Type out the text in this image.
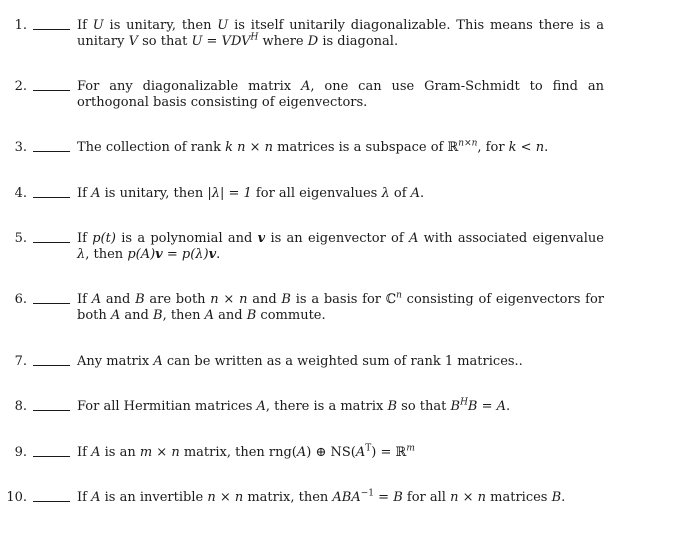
1.	If U is unitary, then U is itself unitarily diagonalizable. This means there is a unitary V so that $U = VDV^H$ where D is diagonal.
2.	For any diagonalizable matrix A, one can use Gram-Schmidt to find an orthogonal basis consisting of eigenvectors.
3.	The collection of rank k n × n matrices is a subspace of ℝ$^{n\times n}$, for k < n.
4.	If A is unitary, then |λ| = 1 for all eigenvalues λ of A.
5.	If p(t) is a polynomial and v is an eigenvector of A with associated eigenvalue λ, then p(A)v = p(λ)v.
6.	If A and B are both n × n and B is a basis for ℂ$^n$ consisting of eigenvectors for both A and B, then A and B commute.
7.	Any matrix A can be written as a weighted sum of rank 1 matrices..
8.	For all Hermitian matrices A, there is a matrix B so that $B^HB = A$.
9.	If A is an m × n matrix, then rng(A) ⊕ $NS(A^T)$ = ℝ$^m$
10.	If A is an invertible n × n matrix, then $ABA^{-1} = B$ for all n × n matrices B.
